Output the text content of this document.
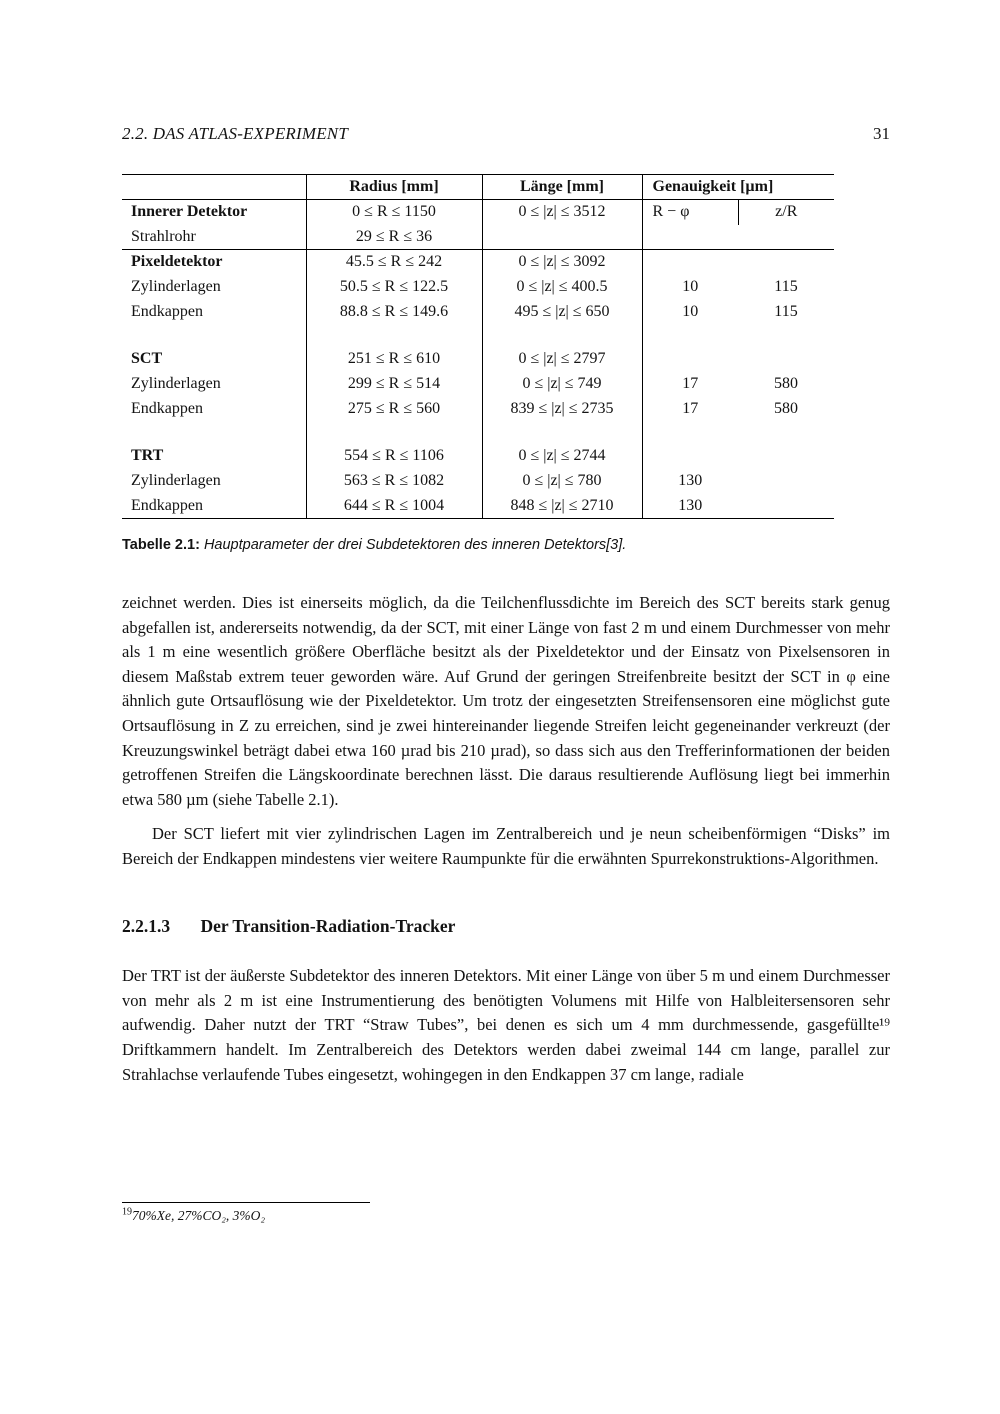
2.2. DAS ATLAS-EXPERIMENT	31
	Radius [mm]	Länge [mm]	Genauigkeit [µm]	
Innerer Detektor	0 ≤ R ≤ 1150	0 ≤ |z| ≤ 3512	R − φ	z/R
Strahlrohr	29 ≤ R ≤ 36			
Pixeldetektor	45.5 ≤ R ≤ 242	0 ≤ |z| ≤ 3092		
Zylinderlagen	50.5 ≤ R ≤ 122.5	0 ≤ |z| ≤ 400.5	10	115
Endkappen	88.8 ≤ R ≤ 149.6	495 ≤ |z| ≤ 650	10	115

SCT	251 ≤ R ≤ 610	0 ≤ |z| ≤ 2797		
Zylinderlagen	299 ≤ R ≤ 514	0 ≤ |z| ≤ 749	17	580
Endkappen	275 ≤ R ≤ 560	839 ≤ |z| ≤ 2735	17	580

TRT	554 ≤ R ≤ 1106	0 ≤ |z| ≤ 2744		
Zylinderlagen	563 ≤ R ≤ 1082	0 ≤ |z| ≤ 780	130	
Endkappen	644 ≤ R ≤ 1004	848 ≤ |z| ≤ 2710	130	
Tabelle 2.1: Hauptparameter der drei Subdetektoren des inneren Detektors[3].

zeichnet werden. Dies ist einerseits möglich, da die Teilchenflussdichte im Bereich des SCT bereits stark genug abgefallen ist, andererseits notwendig, da der SCT, mit einer Länge von fast 2 m und einem Durchmesser von mehr als 1 m eine wesentlich größere Oberfläche besitzt als der Pixeldetektor und der Einsatz von Pixelsensoren in diesem Maßstab extrem teuer geworden wäre. Auf Grund der geringen Streifenbreite besitzt der SCT in φ eine ähnlich gute Ortsauflösung wie der Pixeldetektor. Um trotz der eingesetzten Streifensensoren eine möglichst gute Ortsauflösung in Z zu erreichen, sind je zwei hintereinander liegende Streifen leicht gegeneinander verkreuzt (der Kreuzungswinkel beträgt dabei etwa 160 µrad bis 210 µrad), so dass sich aus den Trefferinformationen der beiden getroffenen Streifen die Längskoordinate berechnen lässt. Die daraus resultierende Auflösung liegt bei immerhin etwa 580 µm (siehe Tabelle 2.1).

Der SCT liefert mit vier zylindrischen Lagen im Zentralbereich und je neun scheibenförmigen “Disks” im Bereich der Endkappen mindestens vier weitere Raumpunkte für die erwähnten Spurrekonstruktions-Algorithmen.

2.2.1.3 Der Transition-Radiation-Tracker

Der TRT ist der äußerste Subdetektor des inneren Detektors. Mit einer Länge von über 5 m und einem Durchmesser von mehr als 2 m ist eine Instrumentierung des benötigten Volumens mit Hilfe von Halbleitersensoren sehr aufwendig. Daher nutzt der TRT “Straw Tubes”, bei denen es sich um 4 mm durchmessende, gasgefüllte¹⁹ Driftkammern handelt. Im Zentralbereich des Detektors werden dabei zweimal 144 cm lange, parallel zur Strahlachse verlaufende Tubes eingesetzt, wohingegen in den Endkappen 37 cm lange, radiale

$^{19}$70%Xe, 27%CO₂, 3%O₂
